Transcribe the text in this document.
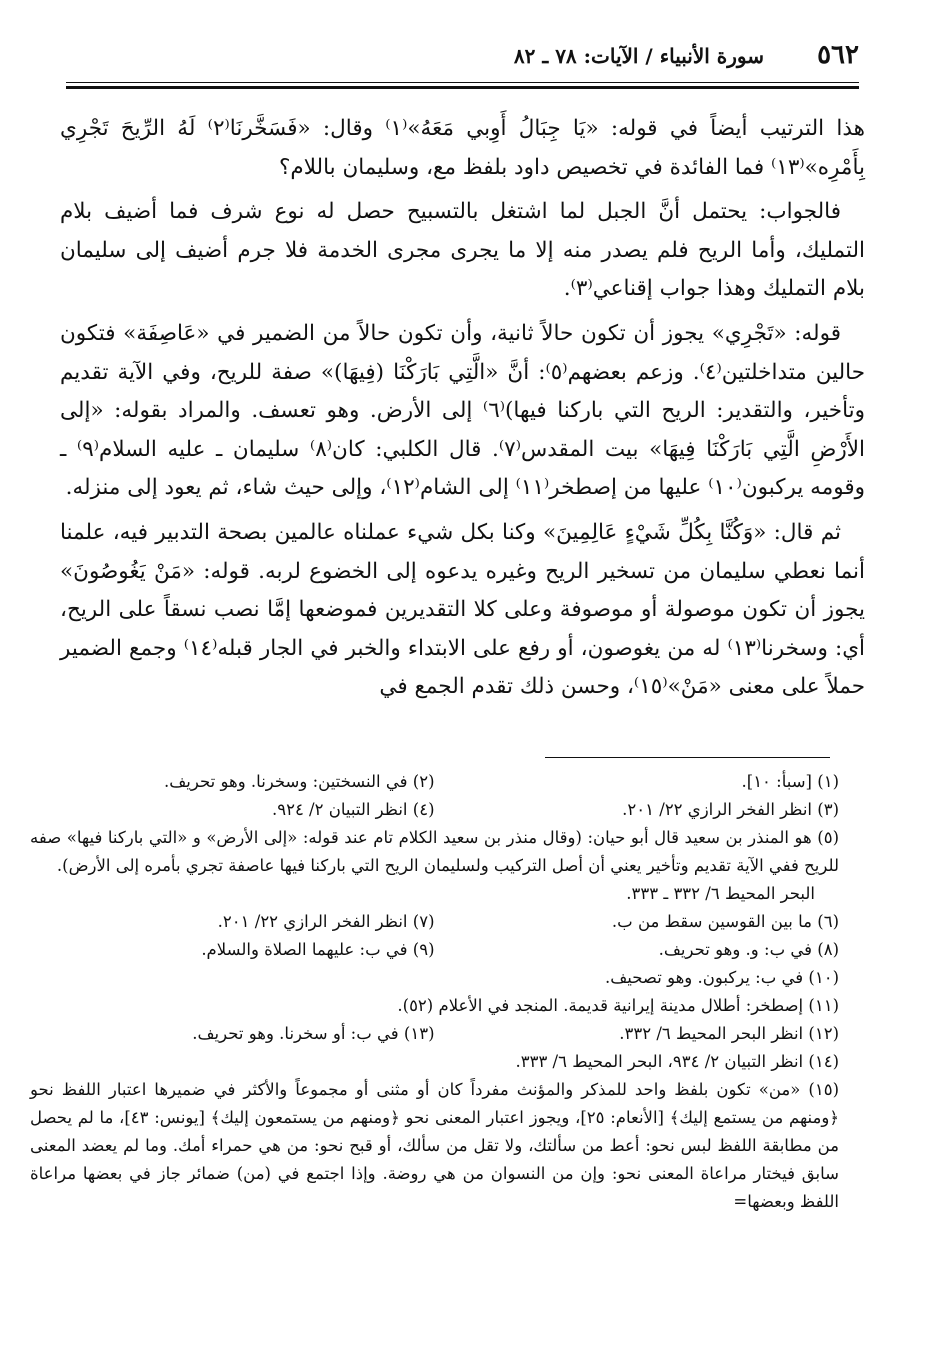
٥٦٢
سورة الأنبياء / الآيات: ٧٨ ـ ٨٢

هذا الترتيب أيضاً في قوله: «يَا جِبَالُ أَوِبي مَعَهُ»⁽١⁾ وقال: «فَسَخَّرنَا⁽٢⁾ لَهُ الرِّيحَ تَجْرِي بِأَمْرِه»⁽١٣⁾ فما الفائدة في تخصيص داود بلفظ مع، وسليمان باللام؟

فالجواب: يحتمل أنَّ الجبل لما اشتغل بالتسبيح حصل له نوع شرف فما أضيف بلام التمليك، وأما الريح فلم يصدر منه إلا ما يجرى مجرى الخدمة فلا جرم أضيف إلى سليمان بلام التمليك وهذا جواب إقناعي⁽٣⁾.

قوله: «تَجْرِي» يجوز أن تكون حالاً ثانية، وأن تكون حالاً من الضمير في «عَاصِفَة» فتكون حالين متداخلتين⁽٤⁾. وزعم بعضهم⁽٥⁾: أنَّ «الَّتِي بَارَكْنَا (فِيهَا)» صفة للريح، وفي الآية تقديم وتأخير، والتقدير: الريح التي باركنا فيها)⁽٦⁾ إلى الأرض. وهو تعسف. والمراد بقوله: «إلى الأَرْضِ الَّتِي بَارَكْنَا فِيهَا» بيت المقدس⁽٧⁾. قال الكلبي: كان⁽٨⁾ سليمان ـ عليه السلام⁽٩⁾ ـ وقومه يركبون⁽١٠⁾ عليها من إصطخر⁽١١⁾ إلى الشام⁽١٢⁾، وإلى حيث شاء، ثم يعود إلى منزله.

ثم قال: «وَكُنَّا بِكُلِّ شَيْءٍ عَالِمِينَ» وكنا بكل شيء عملناه عالمين بصحة التدبير فيه، علمنا أنما نعطي سليمان من تسخير الريح وغيره يدعوه إلى الخضوع لربه. قوله: «مَنْ يَغُوصُونَ» يجوز أن تكون موصولة أو موصوفة وعلى كلا التقديرين فموضعها إمَّا نصب نسقاً على الريح، أي: وسخرنا⁽١٣⁾ له من يغوصون، أو رفع على الابتداء والخبر في الجار قبله⁽١٤⁾ وجمع الضمير حملاً على معنى «مَنْ»⁽١٥⁾، وحسن ذلك تقدم الجمع في

(١) [سبأ: ١٠].
(٢) في النسختين: وسخرنا. وهو تحريف.
(٣) انظر الفخر الرازي ٢٢/ ٢٠١.
(٤) انظر التبيان ٢/ ٩٢٤.
(٥) هو المنذر بن سعيد قال أبو حيان: (وقال منذر بن سعيد الكلام تام عند قوله: «إلى الأرض» و «التي باركنا فيها» صفه للريح ففي الآية تقديم وتأخير يعني أن أصل التركيب ولسليمان الريح التي باركنا فيها عاصفة تجري بأمره إلى الأرض).
البحر المحيط ٦/ ٣٣٢ ـ ٣٣٣.
(٦) ما بين القوسين سقط من ب.
(٧) انظر الفخر الرازي ٢٢/ ٢٠١.
(٨) في ب: و. وهو تحريف.
(٩) في ب: عليهما الصلاة والسلام.
(١٠) في ب: يركبون. وهو تصحيف.
(١١) إصطخر: أطلال مدينة إيرانية قديمة. المنجد في الأعلام (٥٢).
(١٢) انظر البحر المحيط ٦/ ٣٣٢.
(١٣) في ب: أو سخرنا. وهو تحريف.
(١٤) انظر التبيان ٢/ ٩٣٤، البحر المحيط ٦/ ٣٣٣.
(١٥) «من» تكون بلفظ واحد للمذكر والمؤنث مفرداً كان أو مثنى أو مجموعاً والأكثر في ضميرها اعتبار اللفظ نحو ﴿ومنهم من يستمع إليك﴾ [الأنعام: ٢٥]، ويجوز اعتبار المعنى نحو ﴿ومنهم من يستمعون إليك﴾ [يونس: ٤٣]، ما لم يحصل من مطابقة اللفظ لبس نحو: أعط من سألتك، ولا تقل من سألك، أو قبح نحو: من هي حمراء أمك. وما لم يعضد المعنى سابق فيختار مراعاة المعنى نحو: وإن من النسوان من هي روضة. وإذا اجتمع في (من) ضمائر جاز في بعضها مراعاة اللفظ وبعضها=
